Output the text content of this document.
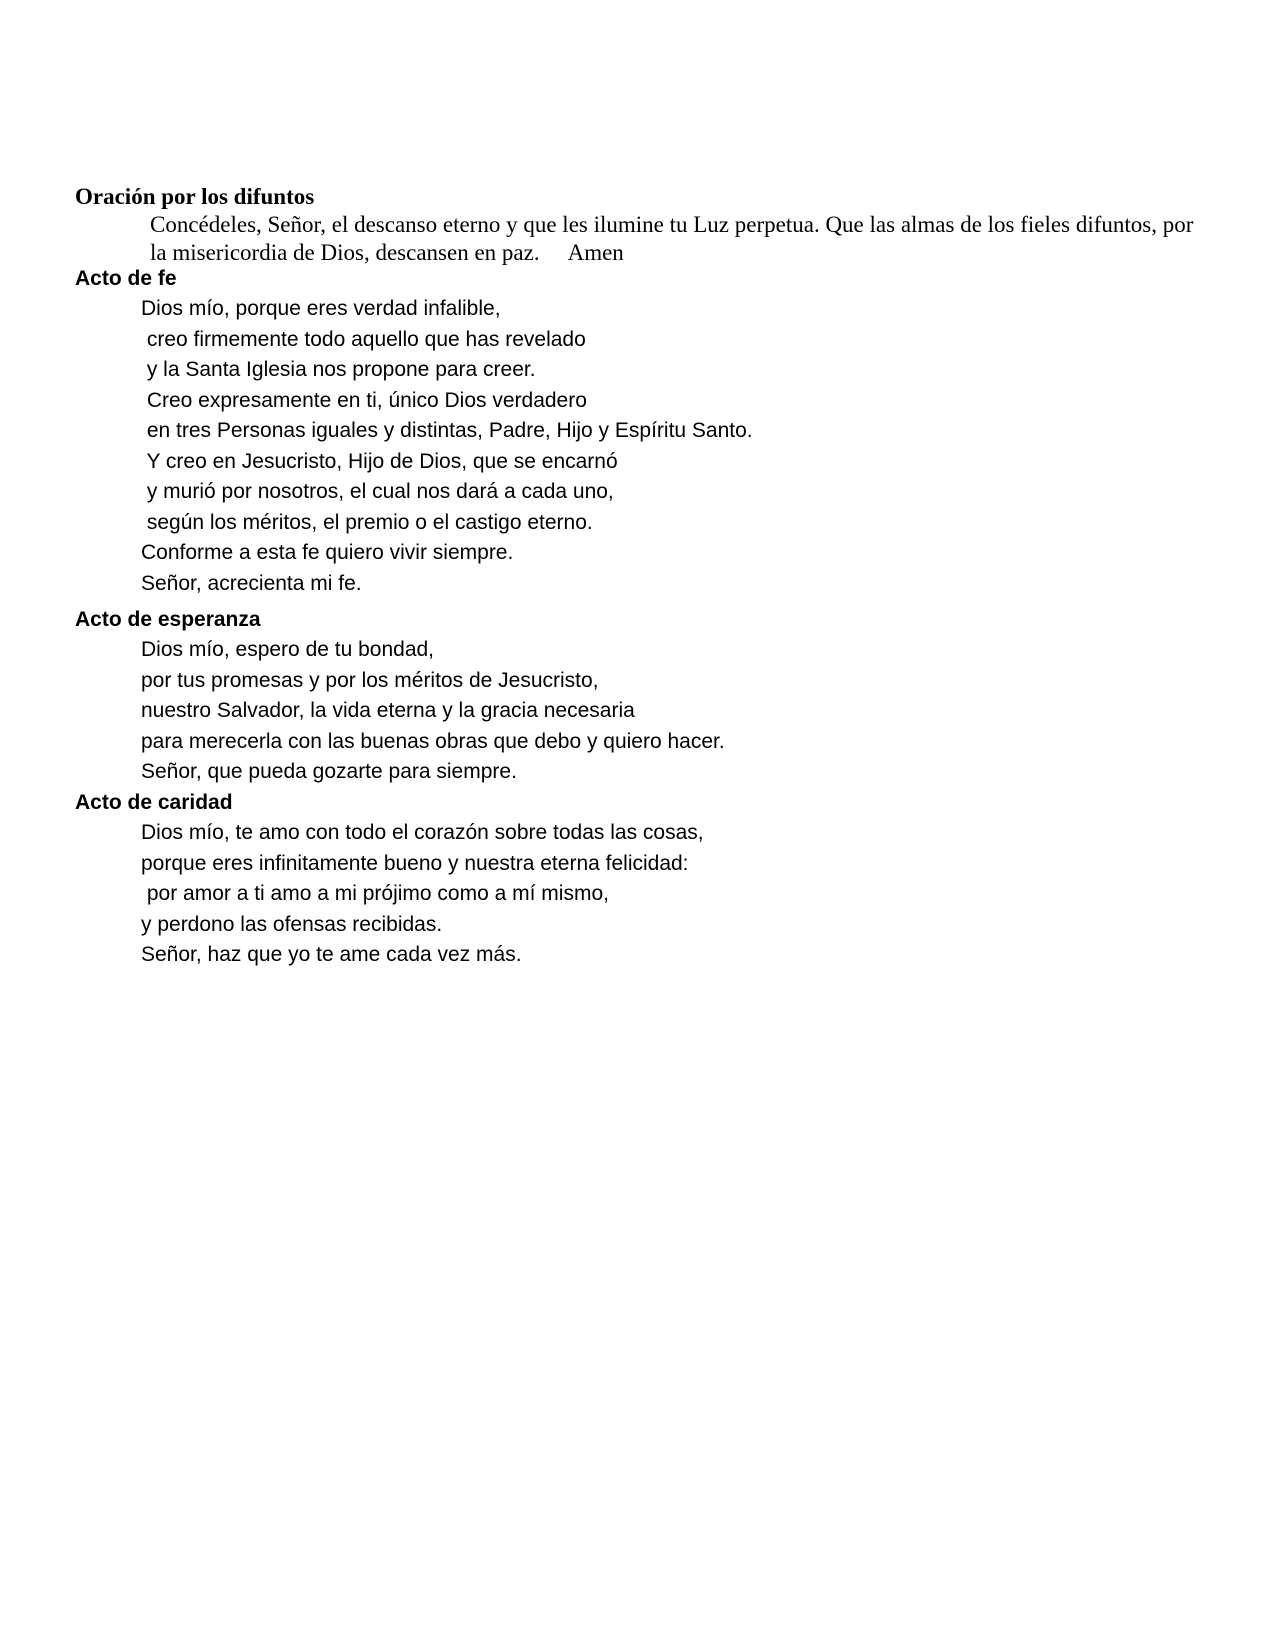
Oración por los difuntos

Concédeles, Señor, el descanso eterno y que les ilumine tu Luz perpetua. Que las almas de los fieles difuntos, por la misericordia de Dios, descansen en paz. Amen

Acto de fe
Dios mío, porque eres verdad infalible,
creo firmemente todo aquello que has revelado
y la Santa Iglesia nos propone para creer.
Creo expresamente en ti, único Dios verdadero
en tres Personas iguales y distintas, Padre, Hijo y Espíritu Santo.
Y creo en Jesucristo, Hijo de Dios, que se encarnó
y murió por nosotros, el cual nos dará a cada uno,
según los méritos, el premio o el castigo eterno.
Conforme a esta fe quiero vivir siempre.
Señor, acrecienta mi fe.
Acto de esperanza
Dios mío, espero de tu bondad,
por tus promesas y por los méritos de Jesucristo,
nuestro Salvador, la vida eterna y la gracia necesaria
para merecerla con las buenas obras que debo y quiero hacer.
Señor, que pueda gozarte para siempre.
Acto de caridad
Dios mío, te amo con todo el corazón sobre todas las cosas,
porque eres infinitamente bueno y nuestra eterna felicidad:
por amor a ti amo a mi prójimo como a mí mismo,
y perdono las ofensas recibidas.
Señor, haz que yo te ame cada vez más.
